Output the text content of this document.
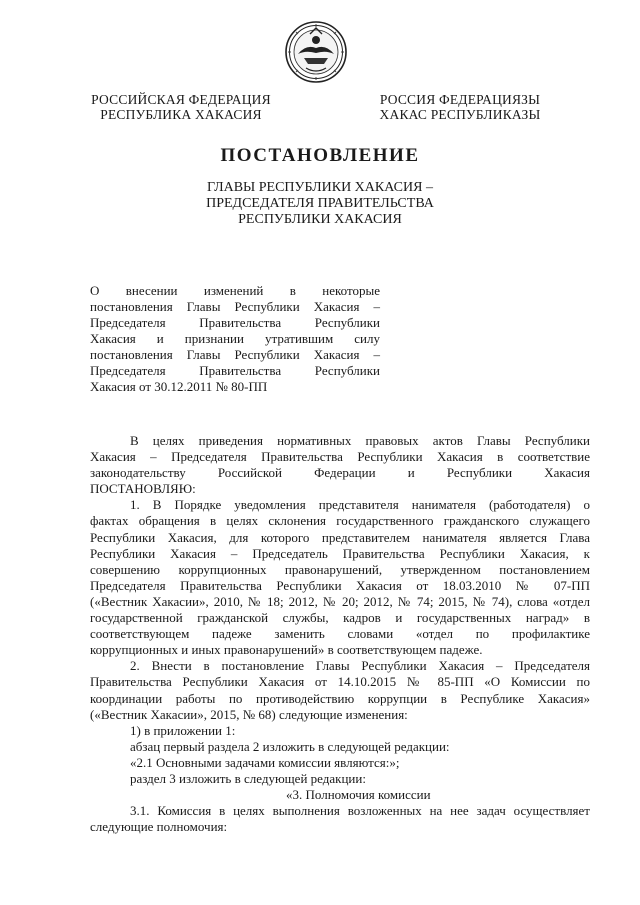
РОССИЙСКАЯ ФЕДЕРАЦИЯ
РЕСПУБЛИКА ХАКАСИЯ
РОССИЯ ФЕДЕРАЦИЯЗЫ
ХАКАС РЕСПУБЛИКАЗЫ
ПОСТАНОВЛЕНИЕ
ГЛАВЫ РЕСПУБЛИКИ ХАКАСИЯ –
ПРЕДСЕДАТЕЛЯ ПРАВИТЕЛЬСТВА
РЕСПУБЛИКИ ХАКАСИЯ
О внесении изменений в некоторые
постановления Главы Республики Хакасия –
Председателя Правительства Республики
Хакасия и признании утратившим силу
постановления Главы Республики Хакасия –
Председателя Правительства Республики
Хакасия от 30.12.2011 № 80-ПП
В целях приведения нормативных правовых актов Главы Республики
Хакасия – Председателя Правительства Республики Хакасия в соответствие
законодательству Российской Федерации и Республики Хакасия
ПОСТАНОВЛЯЮ:
1. В Порядке уведомления представителя нанимателя (работодателя) о
фактах обращения в целях склонения государственного гражданского служащего
Республики Хакасия, для которого представителем нанимателя является Глава
Республики Хакасия – Председатель Правительства Республики Хакасия, к
совершению коррупционных правонарушений, утвержденном постановлением
Председателя Правительства Республики Хакасия от 18.03.2010 № 07-ПП
(«Вестник Хакасии», 2010, № 18; 2012, № 20; 2012, № 74; 2015, № 74), слова «отдел
государственной гражданской службы, кадров и государственных наград» в
соответствующем падеже заменить словами «отдел по профилактике
коррупционных и иных правонарушений» в соответствующем падеже.
2. Внести в постановление Главы Республики Хакасия – Председателя
Правительства Республики Хакасия от 14.10.2015 № 85-ПП «О Комиссии по
координации работы по противодействию коррупции в Республике Хакасия»
(«Вестник Хакасии», 2015, № 68) следующие изменения:
1) в приложении 1:
абзац первый раздела 2 изложить в следующей редакции:
«2.1 Основными задачами комиссии являются:»;
раздел 3 изложить в следующей редакции:
«3. Полномочия комиссии
3.1. Комиссия в целях выполнения возложенных на нее задач осуществляет
следующие полномочия:
